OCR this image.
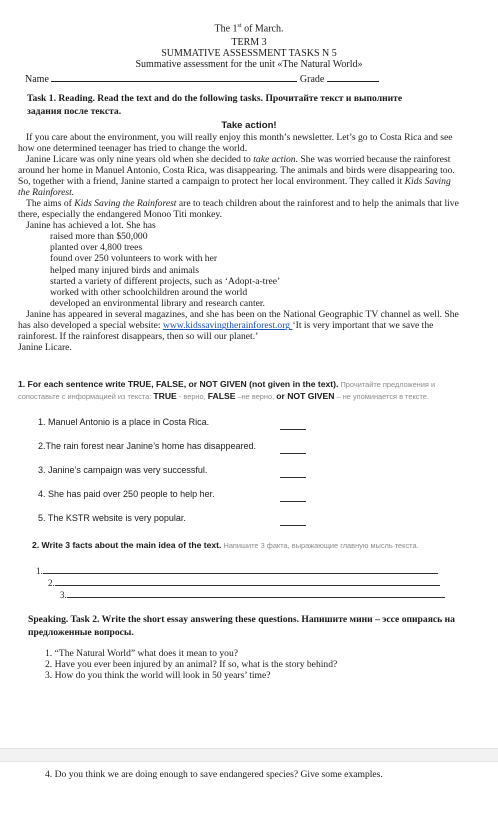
The 1st of March.
TERM 3
SUMMATIVE ASSESSMENT TASKS N 5
Summative assessment for the unit «The Natural World»
Name	Grade
Task 1. Reading. Read the text and do the following tasks. Прочитайте текст и выполните задания после текста.
Take action!

If you care about the environment, you will really enjoy this month’s newsletter. Let’s go to Costa Rica and see how one determined teenager has tried to change the world.

Janine Licare was only nine years old when she decided to take action. She was worried because the rainforest around her home in Manuel Antonio, Costa Rica, was disappearing. The animals and birds were disappearing too. So, together with a friend, Janine started a campaign to protect her local environment. They called it Kids Saving the Rainforest.

The aims of Kids Saving the Rainforest are to teach children about the rainforest and to help the animals that live there, especially the endangered Monoo Titi monkey.

Janine has achieved a lot. She has

raised more than $50,000
planted over 4,800 trees
found over 250 volunteers to work with her
helped many injured birds and animals
started a variety of different projects, such as ‘Adopt-a-tree’
worked with other schoolchildren around the world
developed an environmental library and research canter.

Janine has appeared in several magazines, and she has been on the National Geographic TV channel as well. She has also developed a special website: www.kidssavingtherainforest.org ‘It is very important that we save the rainforest. If the rainforest disappears, then so will our planet.’

Janine Licare.

1. For each sentence write TRUE, FALSE, or NOT GIVEN (not given in the text). Прочитайте предложения и сопоставьте с информацией из текста: TRUE - верно, FALSE –не верно, or NOT GIVEN – не упоминается в тексте.
1. Manuel Antonio is a place in Costa Rica.
2.The rain forest near Janine’s home has disappeared.
3. Janine’s campaign was very successful.
4. She has paid over 250 people to help her.
5. The KSTR website is very popular.
2. Write 3 facts about the main idea of the text. Напишите 3 факта, выражающие главную мысль текста.
1.
2.
3.
Speaking. Task 2. Write the short essay answering these questions. Напишите мини – эссе опираясь на предложенные вопросы.
1. “The Natural World” what does it mean to you?
2. Have you ever been injured by an animal? If so, what is the story behind?
3. How do you think the world will look in 50 years’ time?
4. Do you think we are doing enough to save endangered species? Give some examples.
